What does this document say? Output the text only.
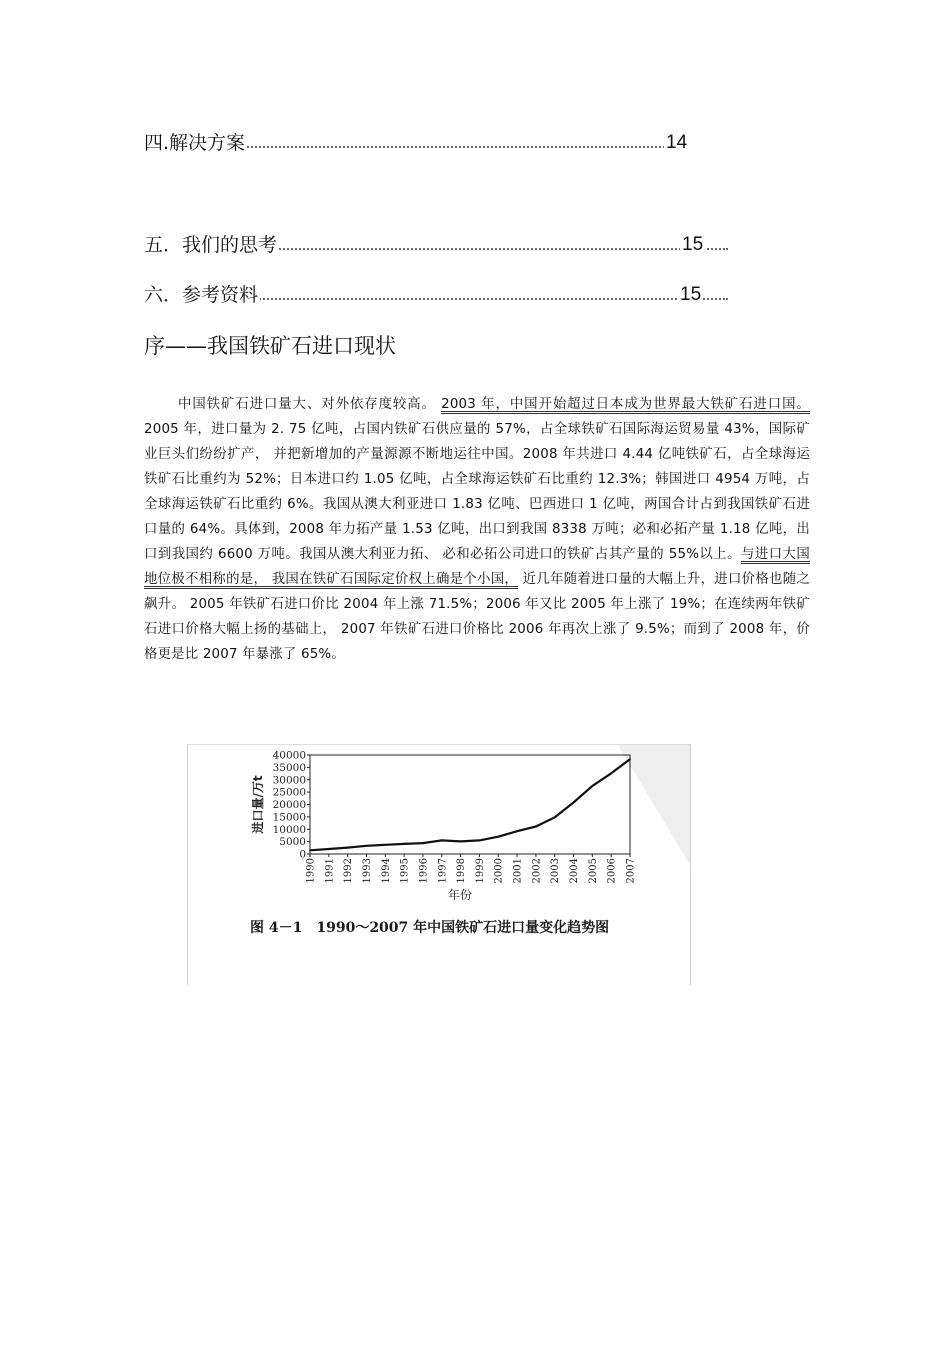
四.解决方案	14
五．我们的思考	15
六．参考资料	15
序——我国铁矿石进口现状
中国铁矿石进口量大、对外依存度较高。 2003 年，中国开始超过日本成为世界最大铁矿石进口国。2005 年，进口量为 2. 75 亿吨，占国内铁矿石供应量的 57%，占全球铁矿石国际海运贸易量 43%，国际矿业巨头们纷纷扩产， 并把新增加的产量源源不断地运往中国。2008 年共进口 4.44 亿吨铁矿石，占全球海运铁矿石比重约为 52%；日本进口约 1.05 亿吨，占全球海运铁矿石比重约 12.3%；韩国进口 4954 万吨，占全球海运铁矿石比重约 6%。我国从澳大利亚进口 1.83 亿吨、巴西进口 1 亿吨，两国合计占到我国铁矿石进口量的 64%。具体到，2008 年力拓产量 1.53 亿吨，出口到我国 8338 万吨；必和必拓产量 1.18 亿吨，出口到我国约 6600 万吨。我国从澳大利亚力拓、 必和必拓公司进口的铁矿占其产量的 55%以上。与进口大国地位极不相称的是， 我国在铁矿石国际定价权上确是个小国， 近几年随着进口量的大幅上升，进口价格也随之飙升。 2005 年铁矿石进口价比 2004 年上涨 71.5%；2006 年又比 2005 年上涨了 19%；在连续两年铁矿石进口价格大幅上扬的基础上， 2007 年铁矿石进口价格比 2006 年再次上涨了 9.5%；而到了 2008 年，价格更是比 2007 年暴涨了 65%。
0
5000
10000
15000
20000
25000
30000
35000
40000
1990 1991 1992 1993 1994 1995 1996 1997 1998 1999 2000 2001 2002 2003 2004 2005 2006 2007
年份
进口量/万t
图 4－1　1990～2007 年中国铁矿石进口量变化趋势图
